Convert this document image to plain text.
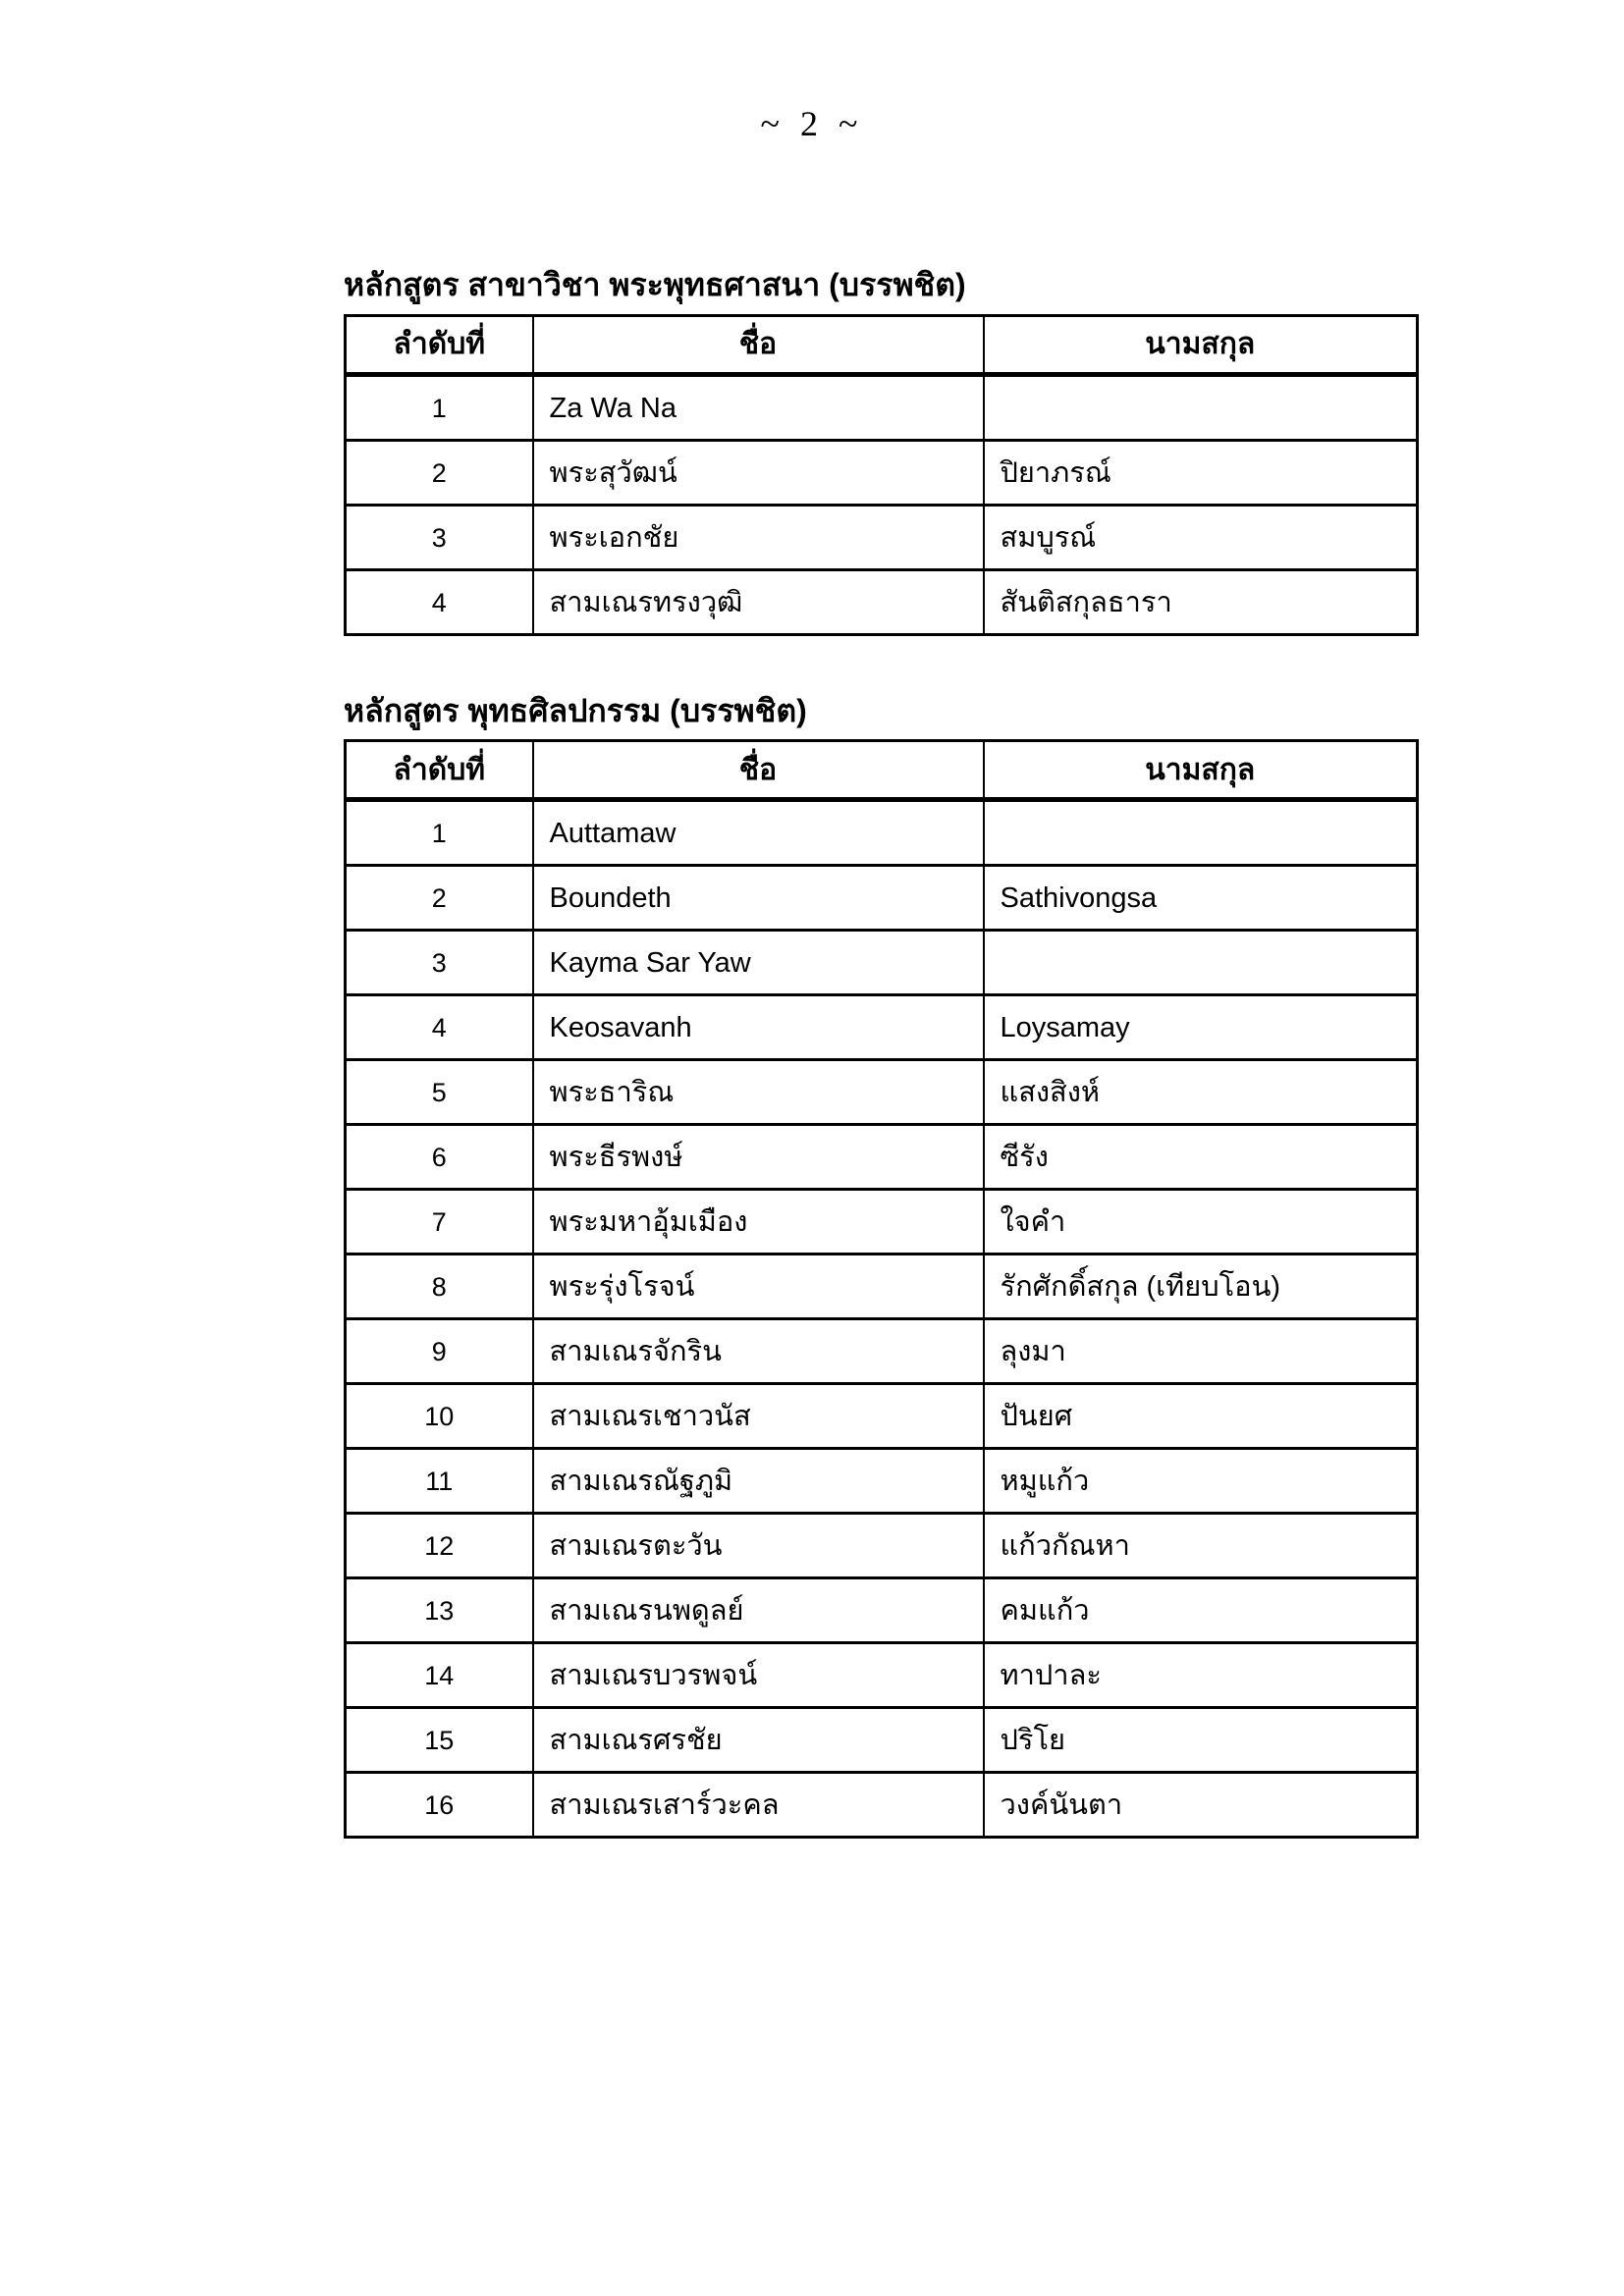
~ 2 ~
หลักสูตร สาขาวิชา พระพุทธศาสนา (บรรพชิต)
ลำดับที่	ชื่อ	นามสกุล
1	Za Wa Na	
2	พระสุวัฒน์	ปิยาภรณ์
3	พระเอกชัย	สมบูรณ์
4	สามเณรทรงวุฒิ	สันติสกุลธารา
หลักสูตร พุทธศิลปกรรม (บรรพชิต)
ลำดับที่	ชื่อ	นามสกุล
1	Auttamaw	
2	Boundeth	Sathivongsa
3	Kayma Sar Yaw	
4	Keosavanh	Loysamay
5	พระธาริณ	แสงสิงห์
6	พระธีรพงษ์	ซีรัง
7	พระมหาอุ้มเมือง	ใจคำ
8	พระรุ่งโรจน์	รักศักดิ์สกุล (เทียบโอน)
9	สามเณรจักริน	ลุงมา
10	สามเณรเชาวนัส	ปันยศ
11	สามเณรณัฐภูมิ	หมูแก้ว
12	สามเณรตะวัน	แก้วกัณหา
13	สามเณรนพดูลย์	คมแก้ว
14	สามเณรบวรพจน์	ทาปาละ
15	สามเณรศรชัย	ปริโย
16	สามเณรเสาร์วะคล	วงค์นันตา
